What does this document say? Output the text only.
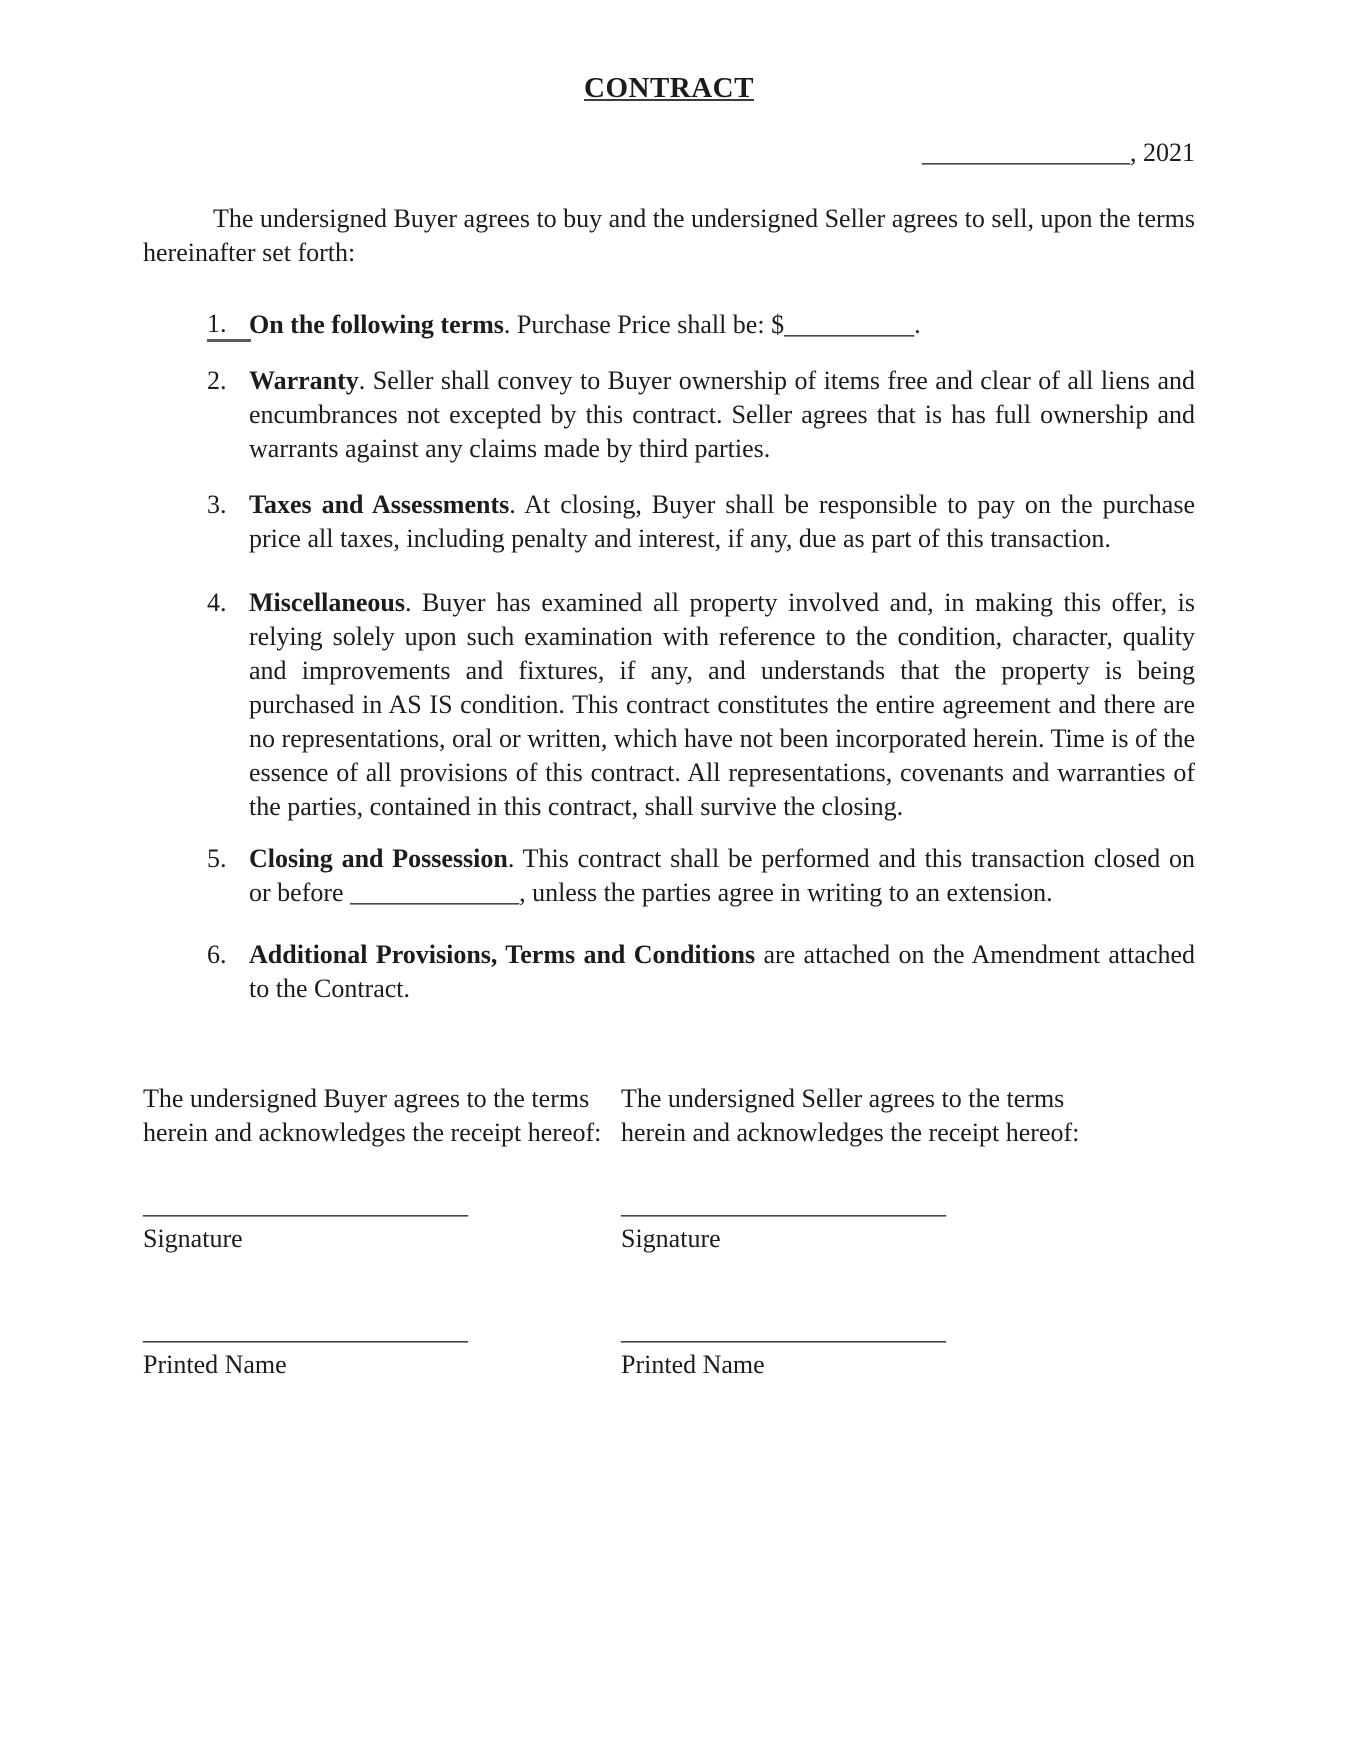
CONTRACT
________________, 2021

The undersigned Buyer agrees to buy and the undersigned Seller agrees to sell, upon the terms hereinafter set forth:

1. On the following terms. Purchase Price shall be: $__________.
2. Warranty. Seller shall convey to Buyer ownership of items free and clear of all liens and encumbrances not excepted by this contract. Seller agrees that is has full ownership and warrants against any claims made by third parties.
3. Taxes and Assessments. At closing, Buyer shall be responsible to pay on the purchase price all taxes, including penalty and interest, if any, due as part of this transaction.
4. Miscellaneous. Buyer has examined all property involved and, in making this offer, is relying solely upon such examination with reference to the condition, character, quality and improvements and fixtures, if any, and understands that the property is being purchased in AS IS condition. This contract constitutes the entire agreement and there are no representations, oral or written, which have not been incorporated herein. Time is of the essence of all provisions of this contract. All representations, covenants and warranties of the parties, contained in this contract, shall survive the closing.
5. Closing and Possession. This contract shall be performed and this transaction closed on or before _____________, unless the parties agree in writing to an extension.
6. Additional Provisions, Terms and Conditions are attached on the Amendment attached to the Contract.

The undersigned Buyer agrees to the terms herein and acknowledges the receipt hereof:

_________________________
Signature
_________________________
Printed Name

The undersigned Seller agrees to the terms herein and acknowledges the receipt hereof:

_________________________
Signature
_________________________
Printed Name
